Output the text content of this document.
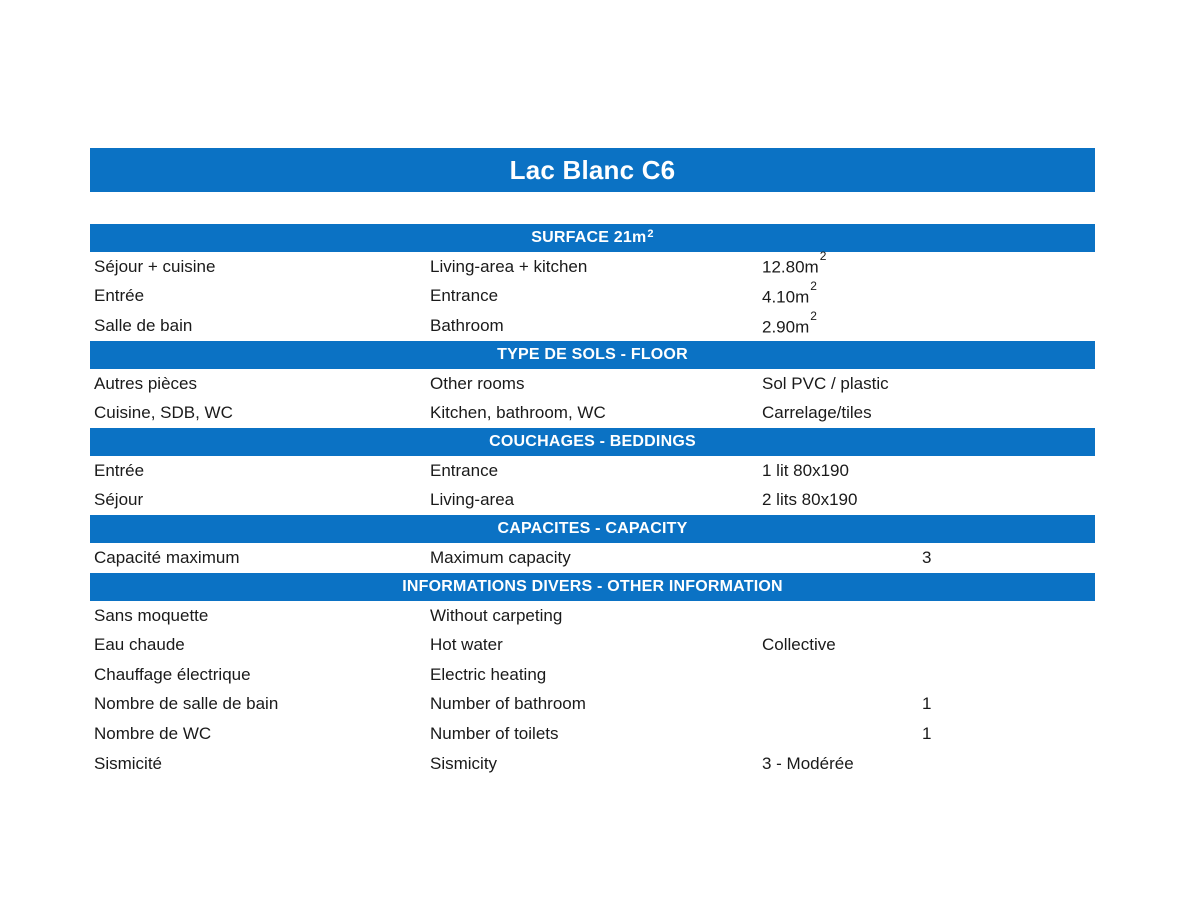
Lac Blanc C6
SURFACE $21m^2$
Séjour + cuisine	Living-area + kitchen	$12.80m^2$
Entrée	Entrance	$4.10m^2$
Salle de bain	Bathroom	$2.90m^2$
TYPE DE SOLS - FLOOR
Autres pièces	Other rooms	Sol PVC / plastic
Cuisine, SDB, WC	Kitchen, bathroom, WC	Carrelage/tiles
COUCHAGES - BEDDINGS
Entrée	Entrance	1 lit 80x190
Séjour	Living-area	2 lits 80x190
CAPACITES - CAPACITY
Capacité maximum	Maximum capacity	3
INFORMATIONS DIVERS - OTHER INFORMATION
Sans moquette	Without carpeting
Eau chaude	Hot water	Collective
Chauffage électrique	Electric heating
Nombre de salle de bain	Number of bathroom	1
Nombre de WC	Number of toilets	1
Sismicité	Sismicity	3 - Modérée
